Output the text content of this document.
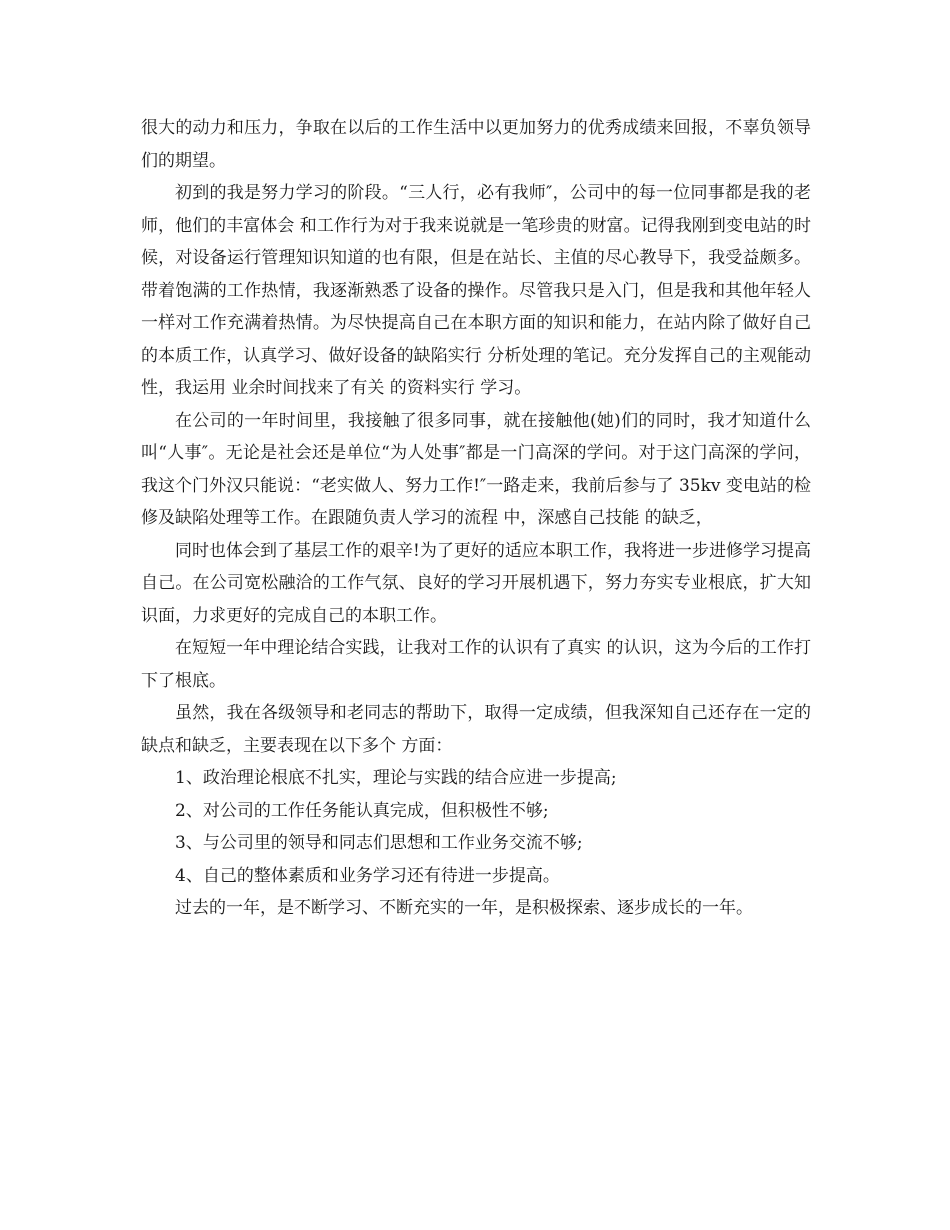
很大的动力和压力，争取在以后的工作生活中以更加努力的优秀成绩来回报，不辜负领导们的期望。

初到的我是努力学习的阶段。“三人行，必有我师″，公司中的每一位同事都是我的老师，他们的丰富体会 和工作行为对于我来说就是一笔珍贵的财富。记得我刚到变电站的时候，对设备运行管理知识知道的也有限，但是在站长、主值的尽心教导下，我受益颇多。带着饱满的工作热情，我逐渐熟悉了设备的操作。尽管我只是入门，但是我和其他年轻人一样对工作充满着热情。为尽快提高自己在本职方面的知识和能力，在站内除了做好自己的本质工作，认真学习、做好设备的缺陷实行 分析处理的笔记。充分发挥自己的主观能动性，我运用 业余时间找来了有关 的资料实行 学习。

在公司的一年时间里，我接触了很多同事，就在接触他(她)们的同时，我才知道什么叫“人事″。无论是社会还是单位“为人处事″都是一门高深的学问。对于这门高深的学问，我这个门外汉只能说：“老实做人、努力工作!″一路走来，我前后参与了 35kv 变电站的检修及缺陷处理等工作。在跟随负责人学习的流程 中，深感自己技能 的缺乏，

同时也体会到了基层工作的艰辛!为了更好的适应本职工作，我将进一步进修学习提高自己。在公司宽松融洽的工作气氛、良好的学习开展机遇下，努力夯实专业根底，扩大知识面，力求更好的完成自己的本职工作。

在短短一年中理论结合实践，让我对工作的认识有了真实 的认识，这为今后的工作打下了根底。

虽然，我在各级领导和老同志的帮助下，取得一定成绩，但我深知自己还存在一定的缺点和缺乏，主要表现在以下多个 方面：

1、政治理论根底不扎实，理论与实践的结合应进一步提高;
2、对公司的工作任务能认真完成，但积极性不够;
3、与公司里的领导和同志们思想和工作业务交流不够;
4、自己的整体素质和业务学习还有待进一步提高。

过去的一年，是不断学习、不断充实的一年，是积极探索、逐步成长的一年。
